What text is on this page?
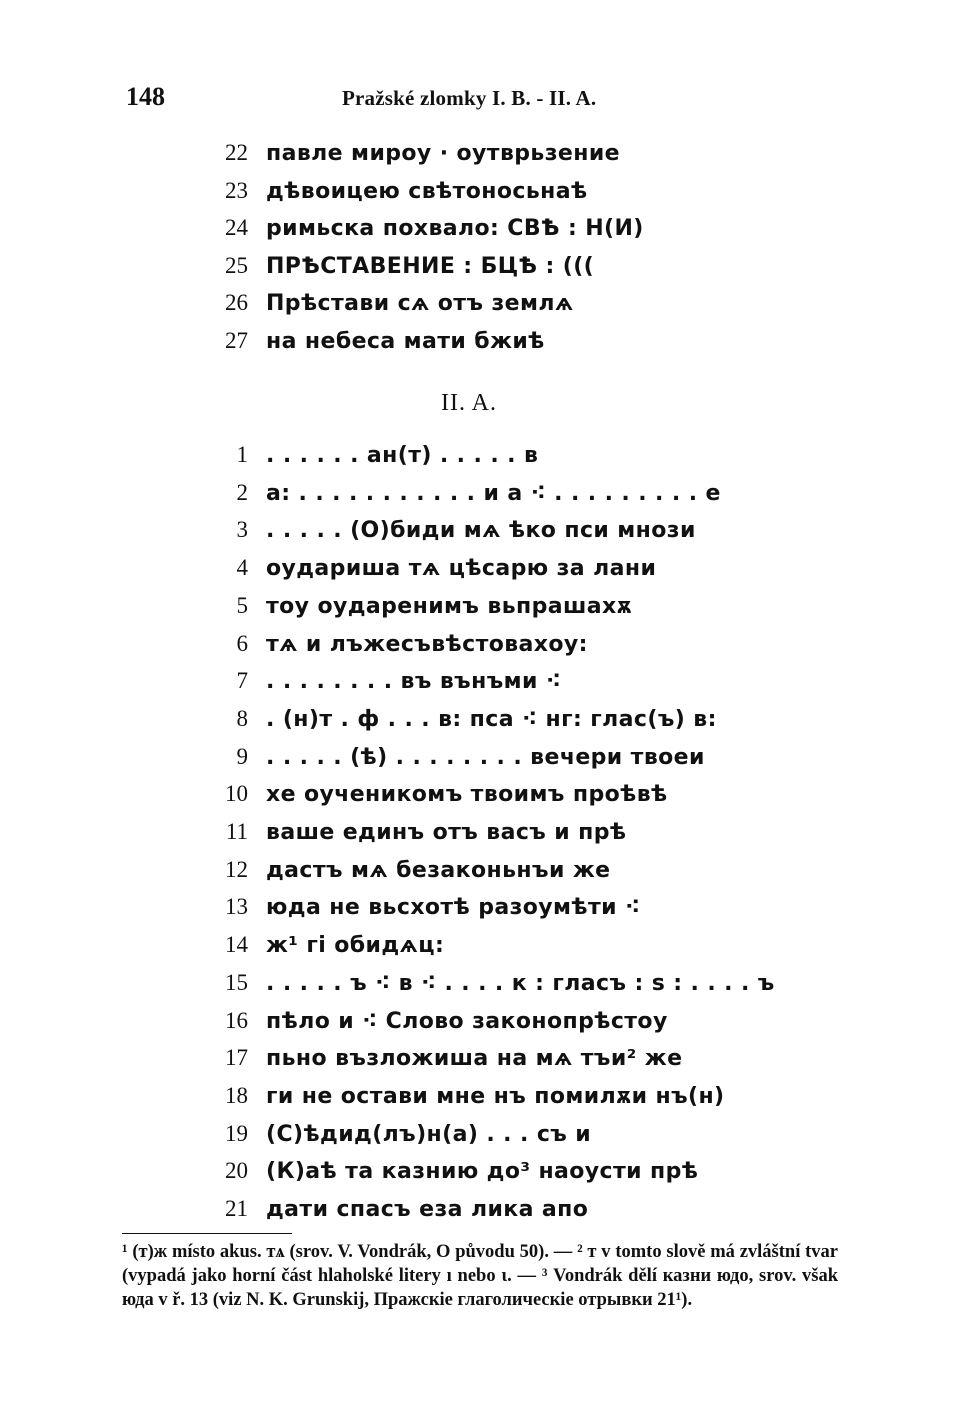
148	Pražské zlomky I. B. - II. A.
22 павле мироу · оутврьзение
23 дѣвоицею свѣтоносьнаѣ
24 римьска похвало: СВѢ : Н(И)
25 ПРѢСТАВЕНИЕ : БЦѢ : (((
26 Прѣстави сѧ отъ землѧ
27 на небеса мати бжиѣ
II. A.
1 . . . . . . ан(т) . . . . . в
2 а: . . . . . . . . . . . и а ⁖ . . . . . . . . . е
3 . . . . . (О)биди мѧ ѣко пси мнози
4 оударишa тѧ цѣсарю за лани
5 тоу оударенимъ вьпрашахѫ
6 тѧ и лъжесъвѣстовахоу:
7 . . . . . . . . въ вънъми ⁖
8 . (н)т . ф . . . в: пса ⁖ нг: глас(ъ) в:
9 . . . . . (ѣ) . . . . . . . . вечери твоеи
10 хе оученикомъ твоимъ проѣвѣ
11 ваше единъ отъ васъ и прѣ
12 дастъ мѧ безаконьнъи же
13 юда не вьсхотѣ разоумѣти ⁖
14 ж¹ гi обидѧц:
15 . . . . . ъ ⁖ в ⁖ . . . . к : гласъ : ѕ : . . . . ъ
16 пѣло и ⁖ Слово законопрѣстоу
17 пьно възложиша на мѧ тъи² же
18 ги не остави мне нъ помилѫи нъ(н)
19 (С)ѣдид(лъ)н(а) . . . съ и
20 (К)аѣ та казнию до³ наоусти прѣ
21 дати спасъ еза лика апо

¹ (т)ж místo akus. тѧ (srov. V. Vondrák, O původu 50). — ² т v tomto slově má zvláštní tvar (vypadá jako horní část hlaholské litery ı nebo ι. — ³ Vondrák dělí казни юдо, srov. však юда v ř. 13 (viz N. K. Grunskij, Пражскіе глаголическіе отрывки 21¹).
